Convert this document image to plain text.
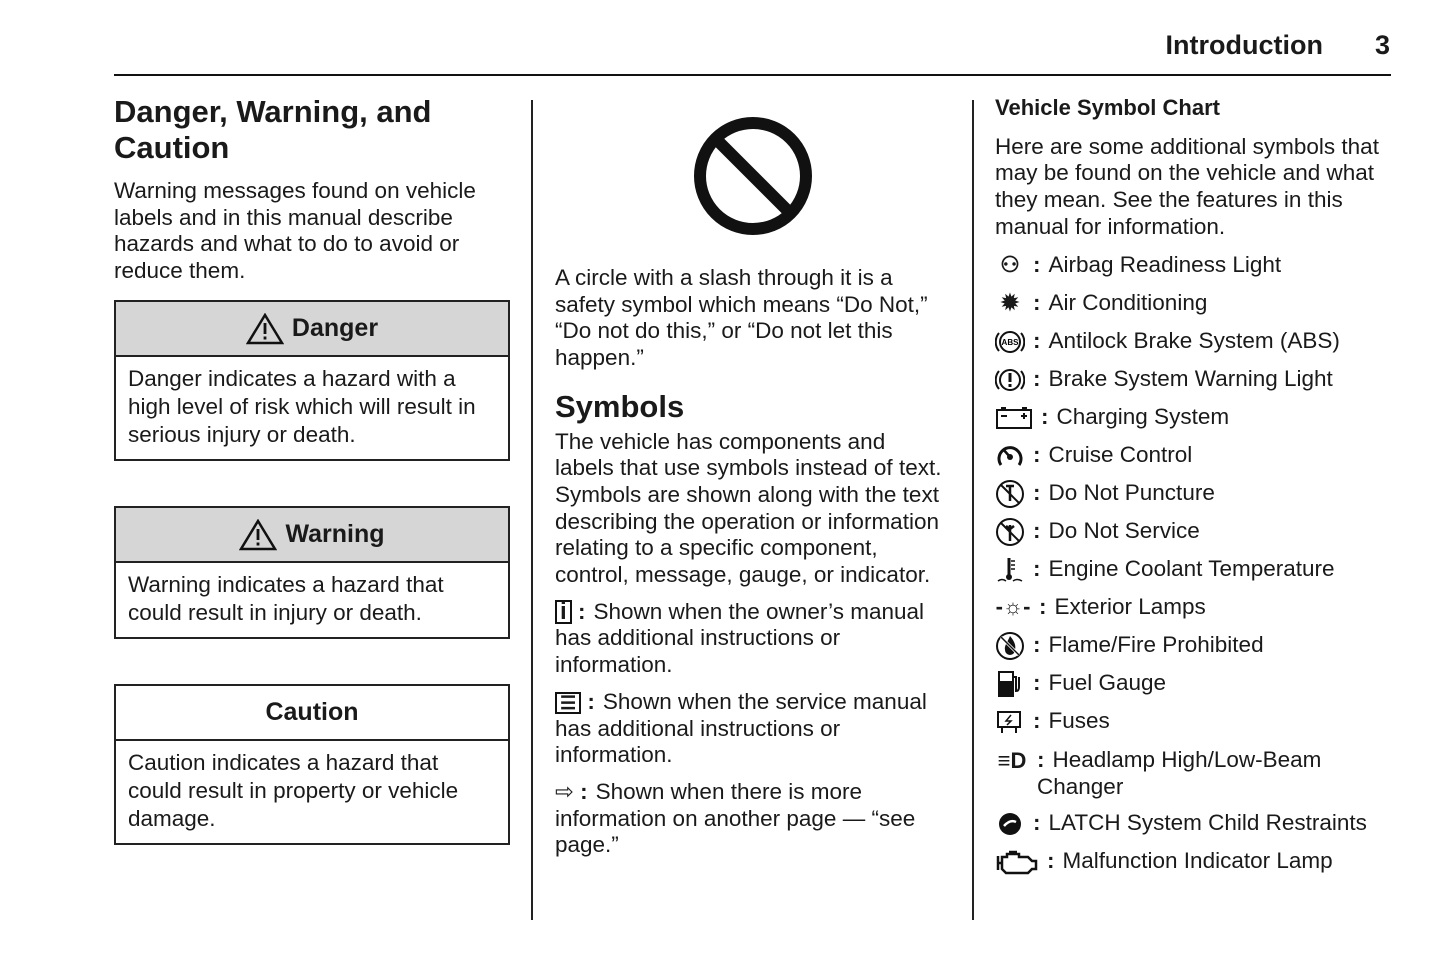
Introduction 3
Danger, Warning, and Caution
Warning messages found on vehicle labels and in this manual describe hazards and what to do to avoid or reduce them.
Danger
Danger indicates a hazard with a high level of risk which will result in serious injury or death.
Warning
Warning indicates a hazard that could result in injury or death.
Caution
Caution indicates a hazard that could result in property or vehicle damage.
A circle with a slash through it is a safety symbol which means “Do Not,” “Do not do this,” or “Do not let this happen.”
Symbols
The vehicle has components and labels that use symbols instead of text. Symbols are shown along with the text describing the operation or information relating to a specific component, control, message, gauge, or indicator.
i : Shown when the owner’s manual has additional instructions or information.
☰ : Shown when the service manual has additional instructions or information.
⇨ : Shown when there is more information on another page — “see page.”
Vehicle Symbol Chart
Here are some additional symbols that may be found on the vehicle and what they mean. See the features in this manual for information.
⚇ : Airbag Readiness Light
✹ : Air Conditioning
ABS : Antilock Brake System (ABS)
: Brake System Warning Light
: Charging System
: Cruise Control
: Do Not Puncture
: Do Not Service
: Engine Coolant Temperature
-☼- : Exterior Lamps
: Flame/Fire Prohibited
: Fuel Gauge
: Fuses
≡D : Headlamp High/Low-Beam Changer
: LATCH System Child Restraints
: Malfunction Indicator Lamp
